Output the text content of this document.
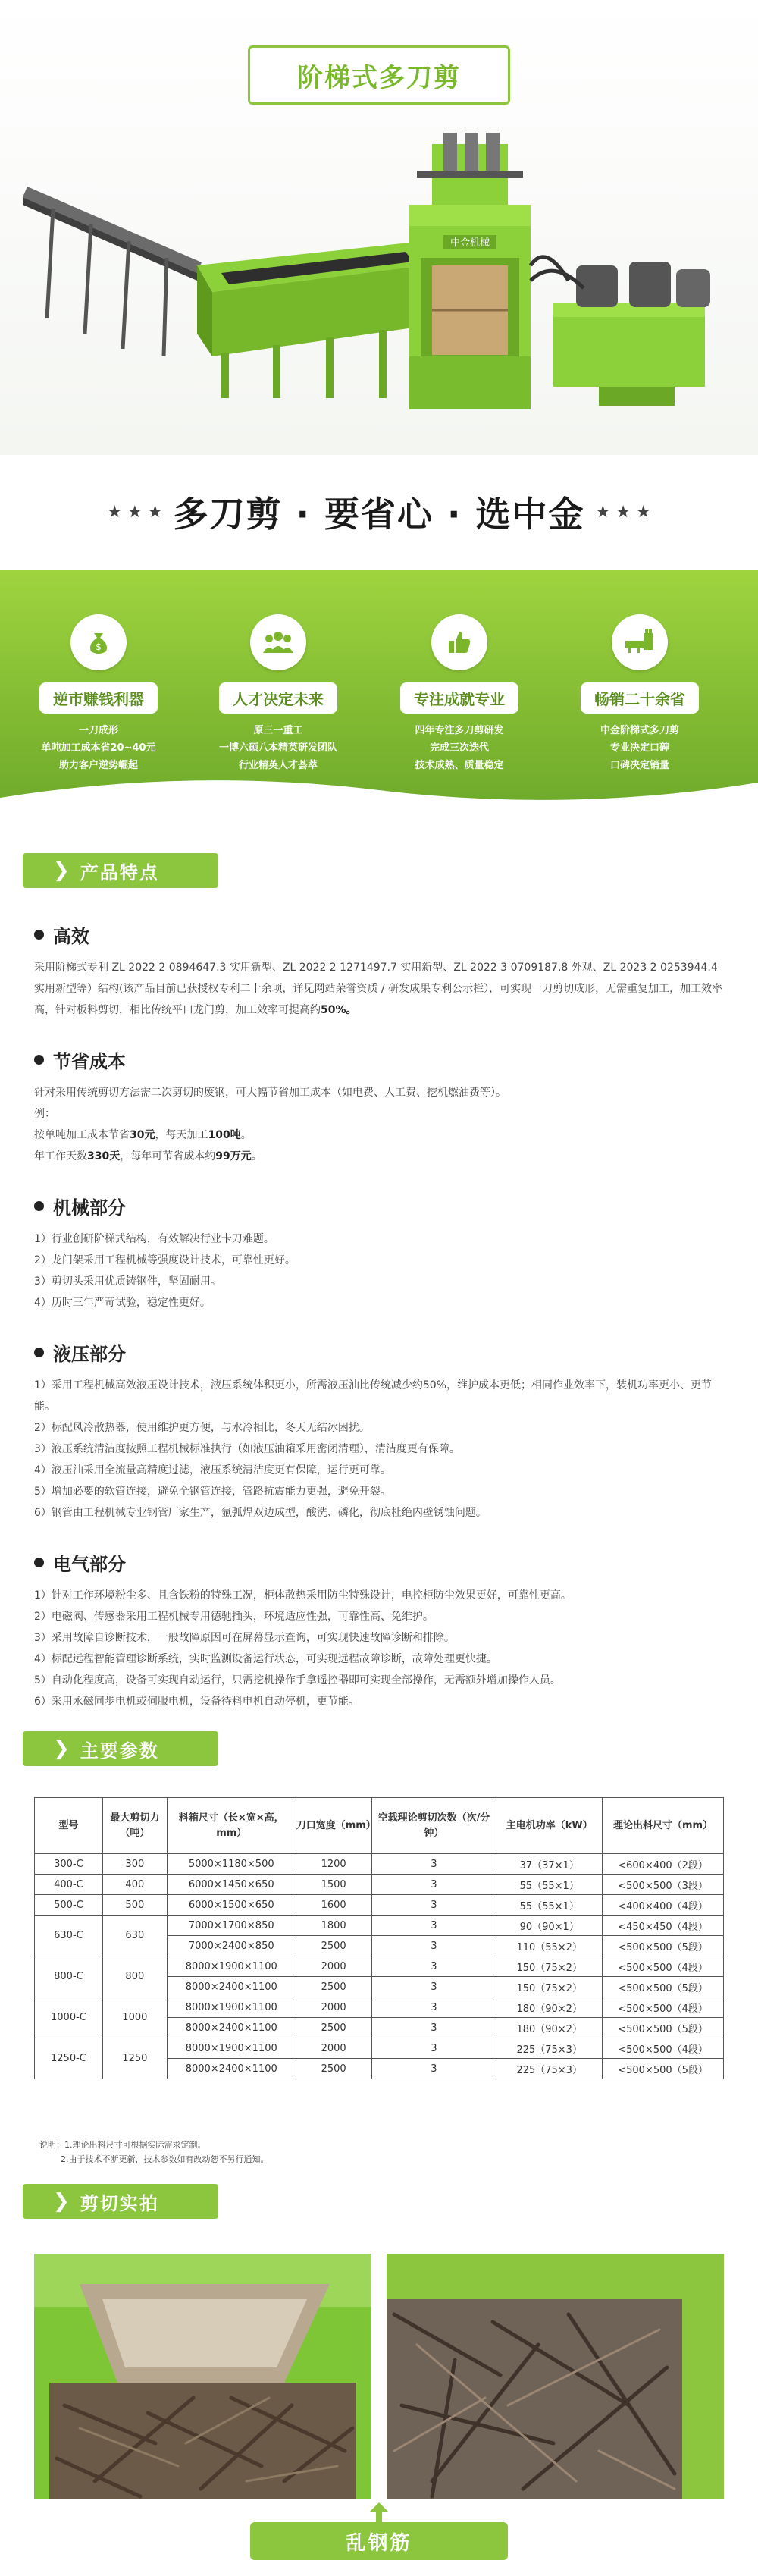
阶梯式多刀剪
中金机械
★ ★ ★ 多刀剪 · 要省心 · 选中金 ★ ★ ★
$
逆市赚钱利器
一刀成形
单吨加工成本省20~40元
助力客户逆势崛起
人才决定未来
原三一重工
一博六硕八本精英研发团队
行业精英人才荟萃
专注成就专业
四年专注多刀剪研发
完成三次迭代
技术成熟、质量稳定
畅销二十余省
中金阶梯式多刀剪
专业决定口碑
口碑决定销量
❯ 产品特点
高效

采用阶梯式专利 ZL 2022 2 0894647.3 实用新型、ZL 2022 2 1271497.7 实用新型、ZL 2022 3 0709187.8 外观、ZL 2023 2 0253944.4 实用新型等）结构(该产品目前已获授权专利二十余项，详见网站荣誉资质 / 研发成果专利公示栏），可实现一刀剪切成形，无需重复加工，加工效率高，针对板料剪切，相比传统平口龙门剪，加工效率可提高约50%。

节省成本

针对采用传统剪切方法需二次剪切的废钢，可大幅节省加工成本（如电费、人工费、挖机燃油费等）。

例：

按单吨加工成本节省30元，每天加工100吨。

年工作天数330天，每年可节省成本约99万元。

机械部分
1）行业创研阶梯式结构，有效解决行业卡刀难题。
2）龙门架采用工程机械等强度设计技术，可靠性更好。
3）剪切头采用优质铸钢件，坚固耐用。
4）历时三年严苛试验，稳定性更好。
液压部分
1）采用工程机械高效液压设计技术，液压系统体积更小，所需液压油比传统减少约50%，维护成本更低；相同作业效率下，装机功率更小、更节能。
2）标配风冷散热器，使用维护更方便，与水冷相比，冬天无结冰困扰。
3）液压系统清洁度按照工程机械标准执行（如液压油箱采用密闭清理），清洁度更有保障。
4）液压油采用全流量高精度过滤，液压系统清洁度更有保障，运行更可靠。
5）增加必要的软管连接，避免全钢管连接，管路抗震能力更强，避免开裂。
6）钢管由工程机械专业钢管厂家生产，氩弧焊双边成型，酸洗、磷化，彻底杜绝内壁锈蚀问题。
电气部分
1）针对工作环境粉尘多、且含铁粉的特殊工况，柜体散热采用防尘特殊设计，电控柜防尘效果更好，可靠性更高。
2）电磁阀、传感器采用工程机械专用德驰插头，环境适应性强，可靠性高、免维护。
3）采用故障自诊断技术，一般故障原因可在屏幕显示查询，可实现快速故障诊断和排除。
4）标配远程智能管理诊断系统，实时监测设备运行状态，可实现远程故障诊断，故障处理更快捷。
5）自动化程度高，设备可实现自动运行，只需挖机操作手拿遥控器即可实现全部操作，无需额外增加操作人员。
6）采用永磁同步电机或伺服电机，设备待料电机自动停机，更节能。
❯ 主要参数
型号	最大剪切力（吨）	料箱尺寸（长×宽×高，mm）	刀口宽度（mm）	空载理论剪切次数（次/分钟）	主电机功率（kW）	理论出料尺寸（mm）
300-C	300	5000×1180×500	1200	3	37（37×1）	<600×400（2段）
400-C	400	6000×1450×650	1500	3	55（55×1）	<500×500（3段）
500-C	500	6000×1500×650	1600	3	55（55×1）	<400×400（4段）
630-C	630	7000×1700×850	1800	3	90（90×1）	<450×450（4段）
		7000×2400×850	2500	3	110（55×2）	<500×500（5段）
800-C	800	8000×1900×1100	2000	3	150（75×2）	<500×500（4段）
		8000×2400×1100	2500	3	150（75×2）	<500×500（5段）
1000-C	1000	8000×1900×1100	2000	3	180（90×2）	<500×500（4段）
		8000×2400×1100	2500	3	180（90×2）	<500×500（5段）
1250-C	1250	8000×1900×1100	2000	3	225（75×3）	<500×500（4段）
		8000×2400×1100	2500	3	225（75×3）	<500×500（5段）
说明：1.理论出料尺寸可根据实际需求定制。
2.由于技术不断更新，技术参数如有改动恕不另行通知。
❯ 剪切实拍
乱钢筋
